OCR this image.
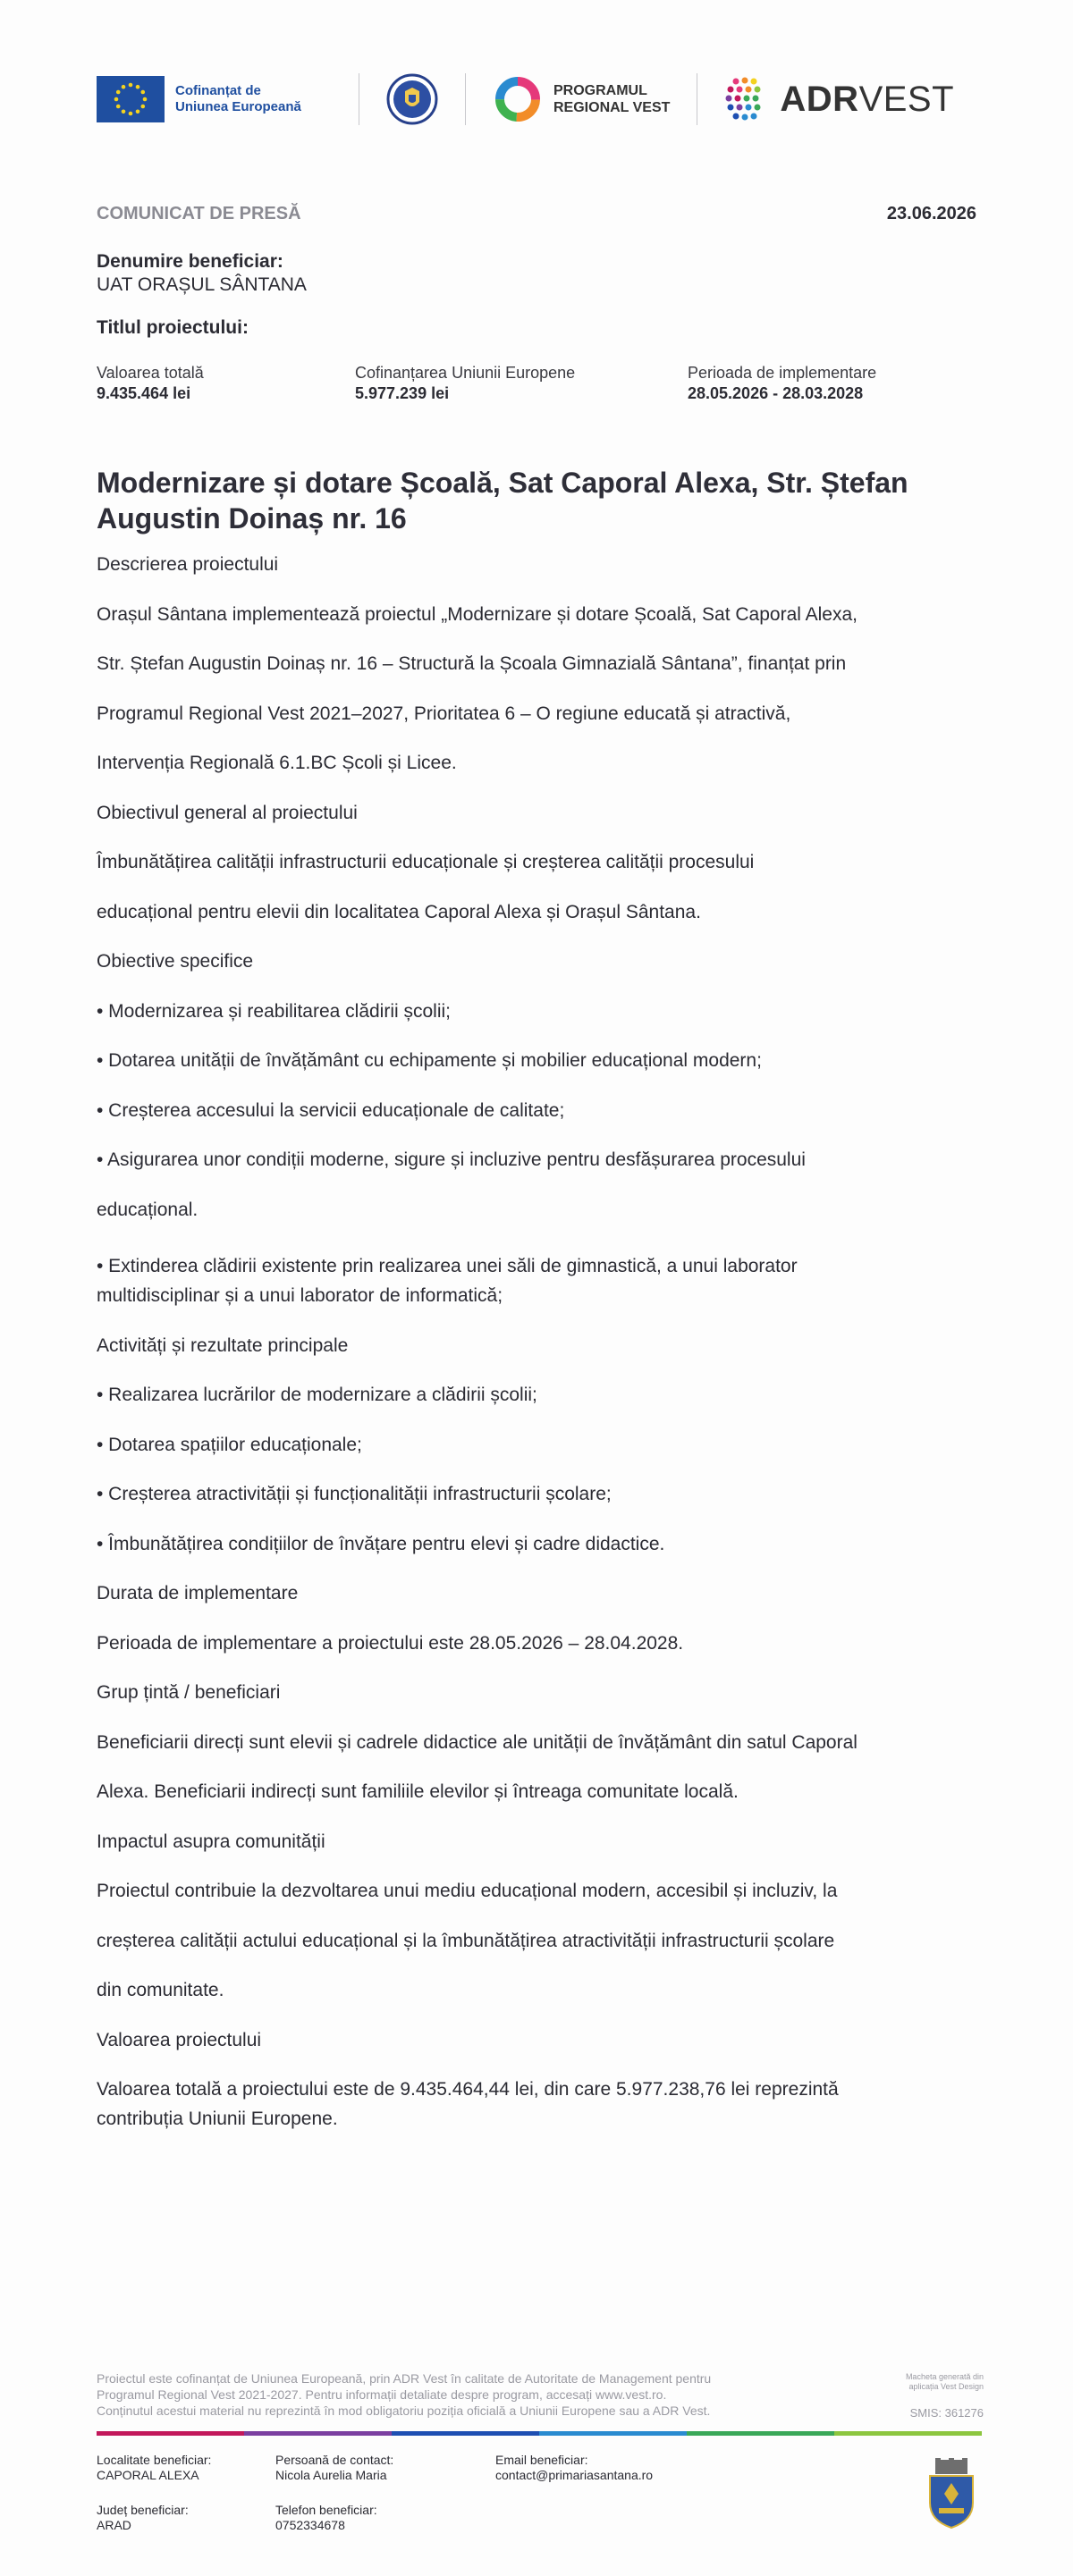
Cofinanțat de
Uniunea Europeană
PROGRAMUL
REGIONAL VEST	ADRVEST
COMUNICAT DE PRESĂ	23.06.2026
Denumire beneficiar:
UAT ORAȘUL SÂNTANA
Titlul proiectului:
Valoarea totală
9.435.464 lei
Cofinanțarea Uniunii Europene
5.977.239 lei
Perioada de implementare
28.05.2026 - 28.03.2028
Modernizare și dotare Școală, Sat Caporal Alexa, Str. Ștefan
Augustin Doinaș nr. 16
Descrierea proiectului
Orașul Sântana implementează proiectul „Modernizare și dotare Școală, Sat Caporal Alexa,
Str. Ștefan Augustin Doinaș nr. 16 – Structură la Școala Gimnazială Sântana”, finanțat prin
Programul Regional Vest 2021–2027, Prioritatea 6 – O regiune educată și atractivă,
Intervenția Regională 6.1.BC Școli și Licee.
Obiectivul general al proiectului
Îmbunătățirea calității infrastructurii educaționale și creșterea calității procesului
educațional pentru elevii din localitatea Caporal Alexa și Orașul Sântana.
Obiective specifice
• Modernizarea și reabilitarea clădirii școlii;
• Dotarea unității de învățământ cu echipamente și mobilier educațional modern;
• Creșterea accesului la servicii educaționale de calitate;
• Asigurarea unor condiții moderne, sigure și incluzive pentru desfășurarea procesului
educațional.
• Extinderea clădirii existente prin realizarea unei săli de gimnastică, a unui laborator
multidisciplinar și a unui laborator de informatică;
Activități și rezultate principale
• Realizarea lucrărilor de modernizare a clădirii școlii;
• Dotarea spațiilor educaționale;
• Creșterea atractivității și funcționalității infrastructurii școlare;
• Îmbunătățirea condițiilor de învățare pentru elevi și cadre didactice.
Durata de implementare
Perioada de implementare a proiectului este 28.05.2026 – 28.04.2028.
Grup țintă / beneficiari
Beneficiarii direcți sunt elevii și cadrele didactice ale unității de învățământ din satul Caporal
Alexa. Beneficiarii indirecți sunt familiile elevilor și întreaga comunitate locală.
Impactul asupra comunității
Proiectul contribuie la dezvoltarea unui mediu educațional modern, accesibil și incluziv, la
creșterea calității actului educațional și la îmbunătățirea atractivității infrastructurii școlare
din comunitate.
Valoarea proiectului
Valoarea totală a proiectului este de 9.435.464,44 lei, din care 5.977.238,76 lei reprezintă
contribuția Uniunii Europene.
Proiectul este cofinanțat de Uniunea Europeană, prin ADR Vest în calitate de Autoritate de Management pentru
Programul Regional Vest 2021-2027. Pentru informații detaliate despre program, accesați www.vest.ro.
Conținutul acestui material nu reprezintă în mod obligatoriu poziția oficială a Uniunii Europene sau a ADR Vest.
Macheta generată din
aplicația Vest Design
SMIS: 361276
Localitate beneficiar:
CAPORAL ALEXA
Județ beneficiar:
ARAD
Persoană de contact:
Nicola Aurelia Maria
Telefon beneficiar:
0752334678
Email beneficiar:
contact@primariasantana.ro
